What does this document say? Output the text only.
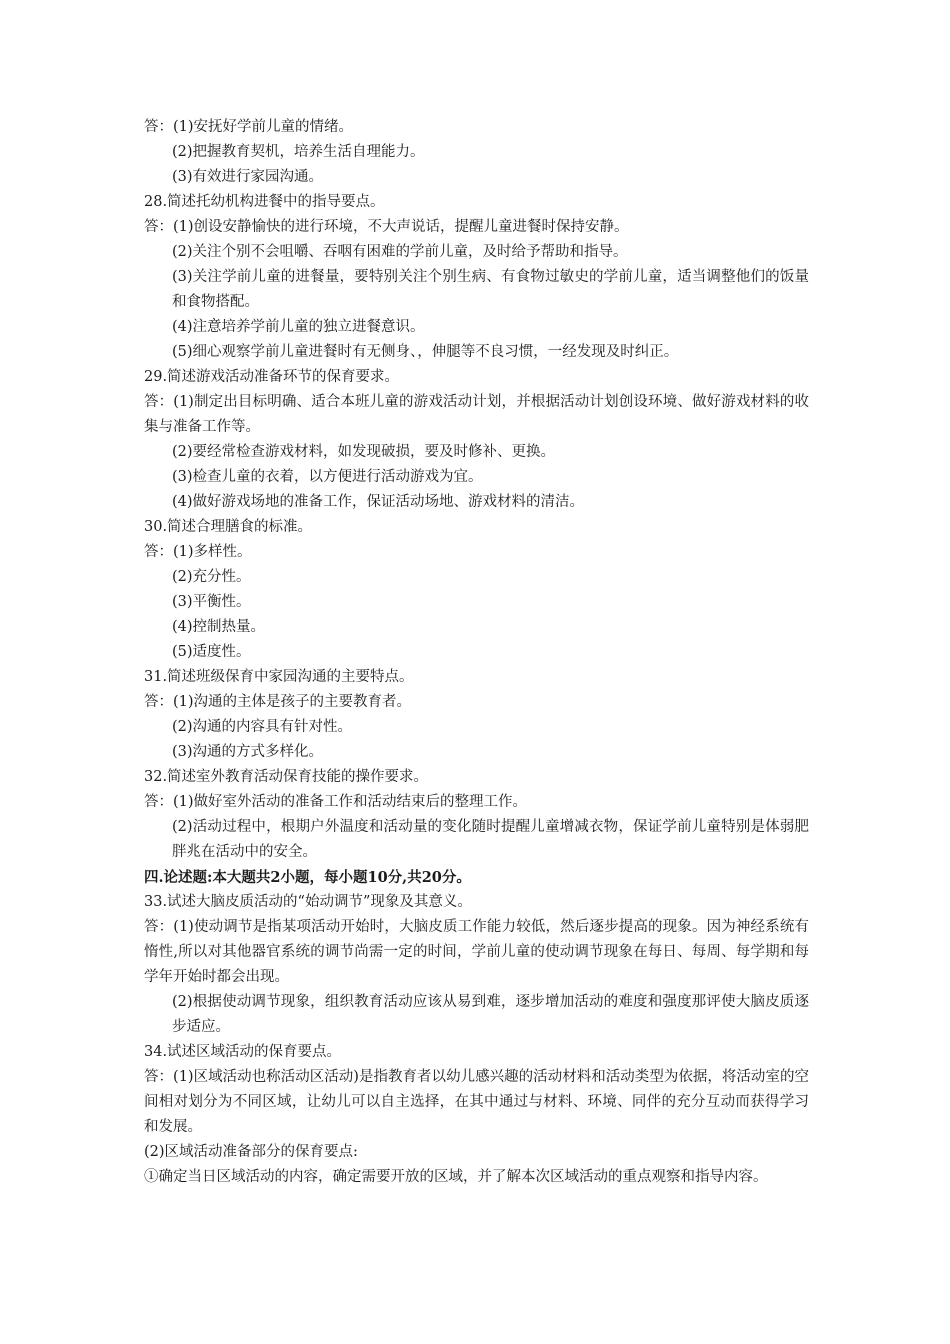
答：(1)安抚好学前儿童的情绪。
(2)把握教育契机，培养生活自理能力。
(3)有效进行家园沟通。
28.简述托幼机构进餐中的指导要点。
答：(1)创设安静愉快的进行环境，不大声说话，提醒儿童进餐时保持安静。
(2)关注个别不会咀嚼、吞咽有困难的学前儿童，及时给予帮助和指导。
(3)关注学前儿童的进餐量，要特别关注个别生病、有食物过敏史的学前儿童，适当调整他们的饭量和食物搭配。
(4)注意培养学前儿童的独立进餐意识。
(5)细心观察学前儿童进餐时有无侧身、，伸腿等不良习惯，一经发现及时纠正。
29.简述游戏活动准备环节的保育要求。
答：(1)制定出目标明确、适合本班儿童的游戏活动计划，并根据活动计划创设环境、做好游戏材料的收集与准备工作等。
(2)要经常检查游戏材料，如发现破损，要及时修补、更换。
(3)检查儿童的衣着，以方便进行活动游戏为宜。
(4)做好游戏场地的准备工作，保证活动场地、游戏材料的清洁。
30.简述合理膳食的标准。
答：(1)多样性。
(2)充分性。
(3)平衡性。
(4)控制热量。
(5)适度性。
31.简述班级保育中家园沟通的主要特点。
答：(1)沟通的主体是孩子的主要教育者。
(2)沟通的内容具有针对性。
(3)沟通的方式多样化。
32.简述室外教育活动保育技能的操作要求。
答：(1)做好室外活动的准备工作和活动结束后的整理工作。
(2)活动过程中，根期户外温度和活动量的变化随时提醒儿童增减衣物，保证学前儿童特别是体弱肥胖兆在活动中的安全。
四.论述题:本大题共2小题，每小题10分,共20分。
33.试述大脑皮质活动的“始动调节”现象及其意义。
答：(1)使动调节是指某项活动开始时，大脑皮质工作能力较低，然后逐步提高的现象。因为神经系统有惰性,所以对其他器官系统的调节尚需一定的时间，学前儿童的使动调节现象在每日、每周、每学期和每学年开始时都会出现。
(2)根据使动调节现象，组织教育活动应该从易到难，逐步增加活动的难度和强度那评使大脑皮质逐步适应。
34.试述区域活动的保育要点。
答：(1)区域活动也称活动区活动)是指教育者以幼儿感兴趣的活动材料和活动类型为依据，将活动室的空间相对划分为不同区域，让幼儿可以自主选择，在其中通过与材料、环境、同伴的充分互动而获得学习和发展。
(2)区域活动准备部分的保育要点:
①确定当日区域活动的内容，确定需要开放的区域，并了解本次区域活动的重点观察和指导内容。
